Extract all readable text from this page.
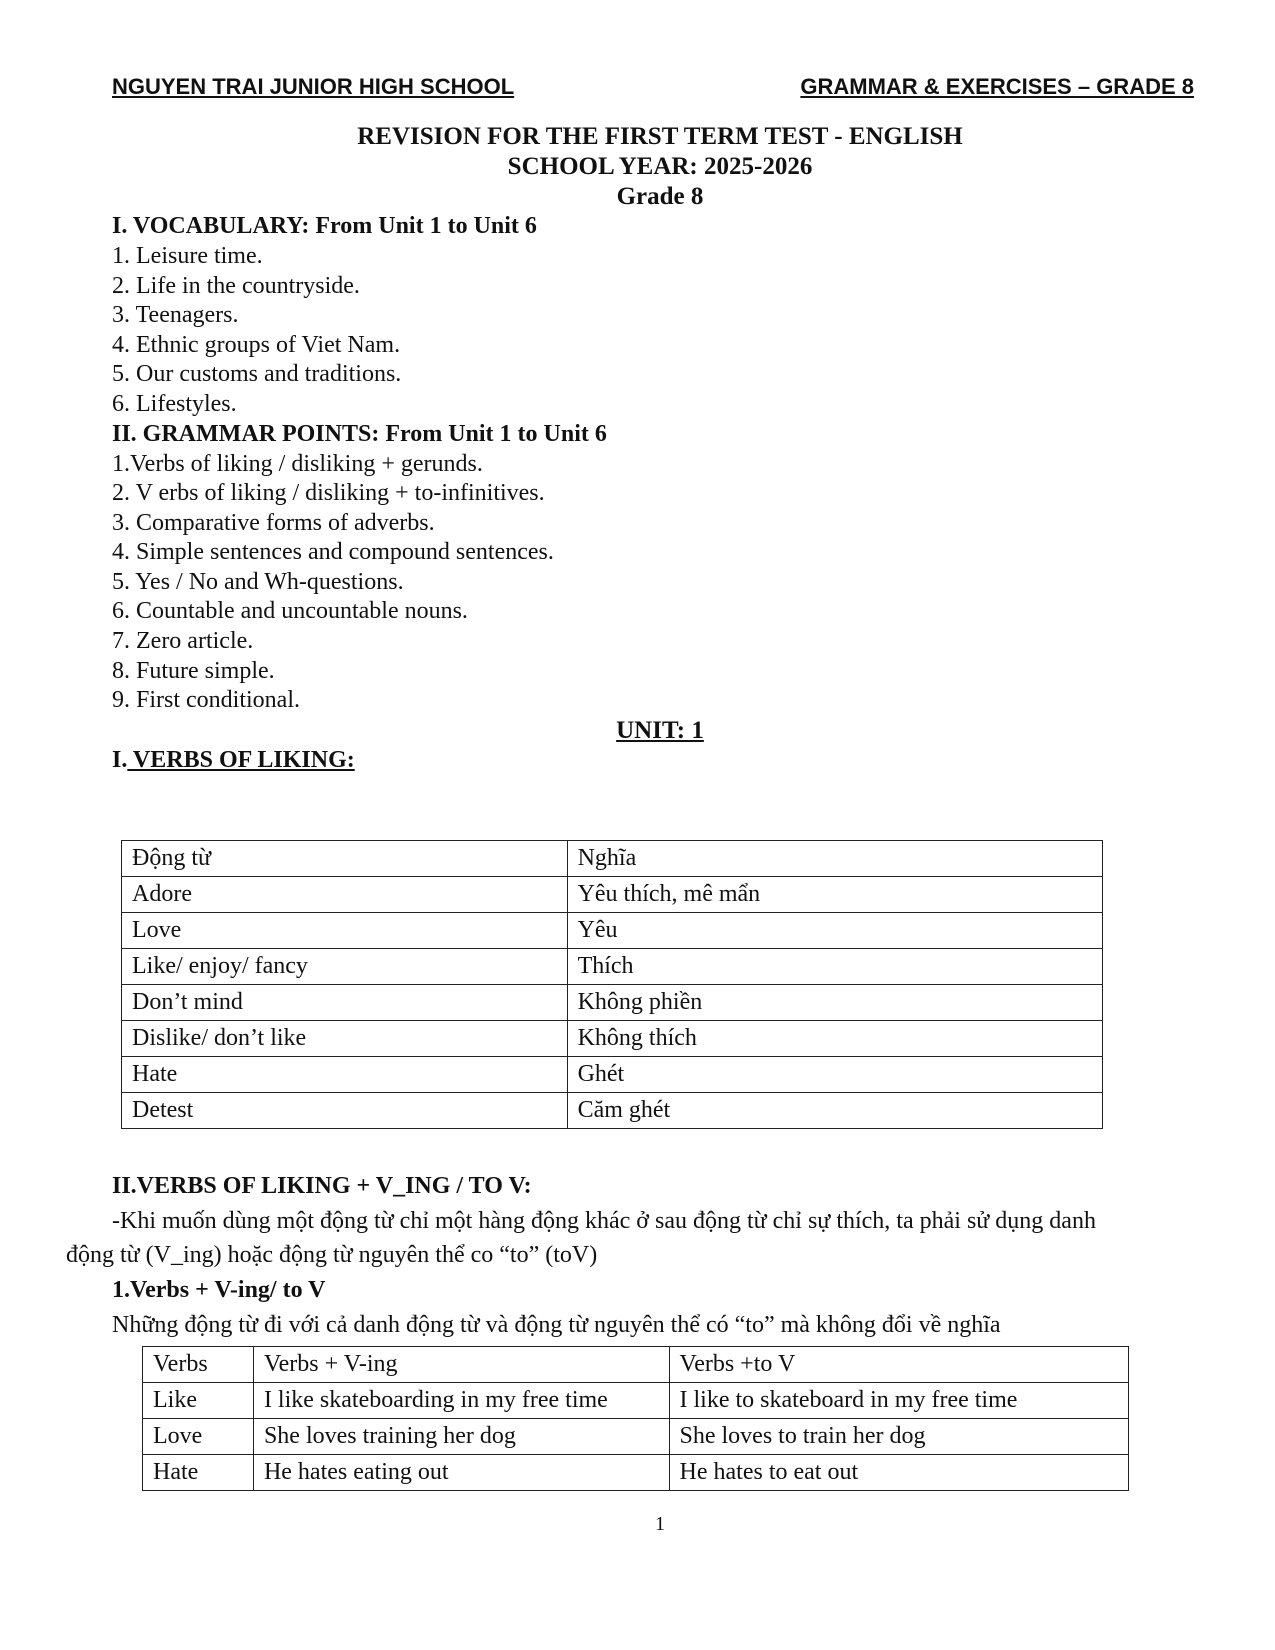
NGUYEN TRAI JUNIOR HIGH SCHOOL	GRAMMAR & EXERCISES – GRADE 8
REVISION FOR THE FIRST TERM TEST - ENGLISH
SCHOOL YEAR: 2025-2026
Grade 8
I. VOCABULARY: From Unit 1 to Unit 6
1. Leisure time.
2. Life in the countryside.
3. Teenagers.
4. Ethnic groups of Viet Nam.
5. Our customs and traditions.
6. Lifestyles.
II. GRAMMAR POINTS: From Unit 1 to Unit 6
1.Verbs of liking / disliking + gerunds.
2. V erbs of liking / disliking + to-infinitives.
3. Comparative forms of adverbs.
4. Simple sentences and compound sentences.
5. Yes / No and Wh-questions.
6. Countable and uncountable nouns.
7. Zero article.
8. Future simple.
9. First conditional.
UNIT: 1
I. VERBS OF LIKING:
Động từ	Nghĩa
Adore	Yêu thích, mê mẩn
Love	Yêu
Like/ enjoy/ fancy	Thích
Don’t mind	Không phiền
Dislike/ don’t like	Không thích
Hate	Ghét
Detest	Căm ghét
II.VERBS OF LIKING + V_ING / TO V:
-Khi muốn dùng một động từ chỉ một hàng động khác ở sau động từ chỉ sự thích, ta phải sử dụng danh
động từ (V_ing) hoặc động từ nguyên thể co “to” (toV)
1.Verbs + V-ing/ to V
Những động từ đi với cả danh động từ và động từ nguyên thể có “to” mà không đổi về nghĩa
Verbs	Verbs + V-ing	Verbs +to V
Like	I like skateboarding in my free time	I like to skateboard in my free time
Love	She loves training her dog	She loves to train her dog
Hate	He hates eating out	He hates to eat out
1
